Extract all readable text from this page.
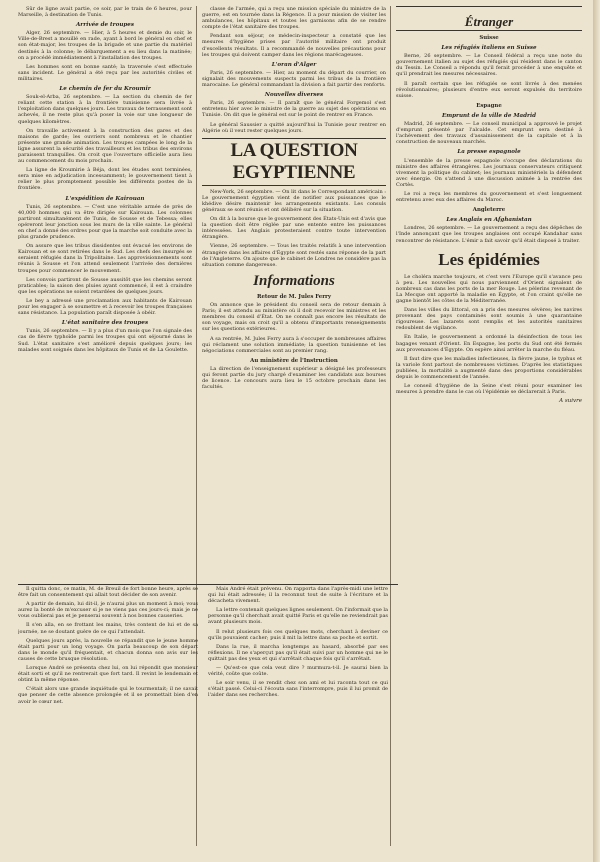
Sûr de ligne avait partie, ce soir, par le train de 6 heures, pour Marseille, à destination de Tunis.

Arrivée de troupes

Alger, 26 septembre. — Hier, à 5 heures et demie du soir, le Ville-de-Brest a mouillé en rade, ayant à bord le général en chef et son état-major, les troupes de la brigade et une partie du matériel destinés à la colonne; le débarquement a eu lieu dans la matinée; on a procédé immédiatement à l'installation des troupes.

Les hommes sont en bonne santé; la traversée s'est effectuée sans incident. Le général a été reçu par les autorités civiles et militaires.

Le chemin de fer du Kroumir

Souk-el-Arba, 26 septembre. — La section du chemin de fer reliant cette station à la frontière tunisienne sera livrée à l'exploitation dans quelques jours. Les travaux de terrassement sont achevés, il ne reste plus qu'à poser la voie sur une longueur de quelques kilomètres.

On travaille activement à la construction des gares et des maisons de garde; les ouvriers sont nombreux et le chantier présente une grande animation. Les troupes campées le long de la ligne assurent la sécurité des travailleurs et les tribus des environs paraissent tranquilles. On croit que l'ouverture officielle aura lieu au commencement du mois prochain.

La ligne de Kroumirie à Béja, dont les études sont terminées, sera mise en adjudication incessamment; le gouvernement tient à relier le plus promptement possible les différents postes de la frontière.

L'expédition de Kairouan

Tunis, 26 septembre. — C'est une véritable armée de près de 40,000 hommes qui va être dirigée sur Kairouan. Les colonnes partiront simultanément de Tunis, de Sousse et de Tebessa; elles opéreront leur jonction sous les murs de la ville sainte. Le général en chef a donné des ordres pour que la marche soit conduite avec la plus grande prudence.

On assure que les tribus dissidentes ont évacué les environs de Kairouan et se sont retirées dans le Sud. Les chefs des insurgés se seraient réfugiés dans la Tripolitaine. Les approvisionnements sont réunis à Sousse et l'on attend seulement l'arrivée des dernières troupes pour commencer le mouvement.

Les convois partiront de Sousse aussitôt que les chemins seront praticables; la saison des pluies ayant commencé, il est à craindre que les opérations ne soient retardées de quelques jours.

Le bey a adressé une proclamation aux habitants de Kairouan pour les engager à se soumettre et à recevoir les troupes françaises sans résistance. La population paraît disposée à obéir.

L'état sanitaire des troupes

Tunis, 26 septembre. — Il y a plus d'un mois que l'on signale des cas de fièvre typhoïde parmi les troupes qui ont séjourné dans le Sud. L'état sanitaire s'est amélioré depuis quelques jours; les malades sont soignés dans les hôpitaux de Tunis et de La Goulette.

classe de l'armée, qui a reçu une mission spéciale du ministre de la guerre, est en tournée dans la Régence. Il a pour mission de visiter les ambulances, les hôpitaux et toutes les garnisons afin de se rendre compte de l'état sanitaire des troupes.

Pendant son séjour, ce médecin-inspecteur a constaté que les mesures d'hygiène prises par l'autorité militaire ont produit d'excellents résultats. Il a recommandé de nouvelles précautions pour les troupes qui doivent camper dans les régions marécageuses.

L'oran d'Alger

Paris, 26 septembre. — Hier, au moment du départ du courrier, on signalait des mouvements suspects parmi les tribus de la frontière marocaine. Le général commandant la division a fait partir des renforts.

Nouvelles diverses

Paris, 26 septembre. — Il paraît que le général Forgemol s'est entretenu hier avec le ministre de la guerre au sujet des opérations en Tunisie. On dit que le général est sur le point de rentrer en France.

Le général Saussier a quitté aujourd'hui la Tunisie pour rentrer en Algérie où il veut rester quelques jours.

LA QUESTION EGYPTIENNE

New-York, 26 septembre. — On lit dans le Correspondant américain : Le gouvernement égyptien vient de notifier aux puissances que le khédive désire maintenir les arrangements existants. Les consuls généraux se sont réunis et ont délibéré sur la situation.

On dit à la bourse que le gouvernement des États-Unis est d'avis que la question doit être réglée par une entente entre les puissances intéressées. Les Anglais protesteraient contre toute intervention étrangère.

Vienne, 26 septembre. — Tous les traités relatifs à une intervention étrangère dans les affaires d'Égypte sont restés sans réponse de la part de l'Angleterre. On ajoute que le cabinet de Londres ne considère pas la situation comme dangereuse.

Informations
Retour de M. Jules Ferry

On annonce que le président du conseil sera de retour demain à Paris; il est attendu au ministère où il doit recevoir les ministres et les membres du conseil d'État. On ne connaît pas encore les résultats de son voyage, mais on croit qu'il a obtenu d'importants renseignements sur les questions extérieures.

A sa rentrée, M. Jules Ferry aura à s'occuper de nombreuses affaires qui réclament une solution immédiate; la question tunisienne et les négociations commerciales sont au premier rang.

Au ministère de l'Instruction

La direction de l'enseignement supérieur a désigné les professeurs qui feront partie du jury chargé d'examiner les candidats aux bourses de licence. Le concours aura lieu le 15 octobre prochain dans les facultés.

Étranger
Suisse
Les réfugiés italiens en Suisse

Berne, 26 septembre. — Le Conseil fédéral a reçu une note du gouvernement italien au sujet des réfugiés qui résident dans le canton du Tessin. Le Conseil a répondu qu'il ferait procéder à une enquête et qu'il prendrait les mesures nécessaires.

Il paraît certain que les réfugiés se sont livrés à des menées révolutionnaires; plusieurs d'entre eux seront expulsés du territoire suisse.

Espagne
Emprunt de la ville de Madrid

Madrid, 26 septembre. — Le conseil municipal a approuvé le projet d'emprunt présenté par l'alcalde. Cet emprunt sera destiné à l'achèvement des travaux d'assainissement de la capitale et à la construction de nouveaux marchés.

La presse espagnole

L'ensemble de la presse espagnole s'occupe des déclarations du ministre des affaires étrangères. Les journaux conservateurs critiquent vivement la politique du cabinet; les journaux ministériels la défendent avec énergie. On s'attend à une discussion animée à la rentrée des Cortès.

Le roi a reçu les membres du gouvernement et s'est longuement entretenu avec eux des affaires du Maroc.

Angleterre
Les Anglais en Afghanistan

Londres, 26 septembre. — Le gouvernement a reçu des dépêches de l'Inde annonçant que les troupes anglaises ont occupé Kandahar sans rencontrer de résistance. L'émir a fait savoir qu'il était disposé à traiter.

Les épidémies

Le choléra marche toujours, et c'est vers l'Europe qu'il s'avance peu à peu. Les nouvelles qui nous parviennent d'Orient signalent de nombreux cas dans les ports de la mer Rouge. Les pèlerins revenant de La Mecque ont apporté la maladie en Égypte, et l'on craint qu'elle ne gagne bientôt les côtes de la Méditerranée.

Dans les villes du littoral, on a pris des mesures sévères; les navires provenant des pays contaminés sont soumis à une quarantaine rigoureuse. Les lazarets sont remplis et les autorités sanitaires redoublent de vigilance.

En Italie, le gouvernement a ordonné la désinfection de tous les bagages venant d'Orient. En Espagne, les ports du Sud ont été fermés aux provenances d'Égypte. On espère ainsi arrêter la marche du fléau.

Il faut dire que les maladies infectieuses, la fièvre jaune, le typhus et la variole font partout de nombreuses victimes. D'après les statistiques publiées, la mortalité a augmenté dans des proportions considérables depuis le commencement de l'année.

Le conseil d'hygiène de la Seine s'est réuni pour examiner les mesures à prendre dans le cas où l'épidémie se déclarerait à Paris.

A suivre

Il quitta donc, ce matin, M. de Breuil de fort bonne heure, après se être fait un consentement qui allait tout décider de son avenir.

A partir de demain, lui dit-il, je n'aurai plus un moment à moi; vous aurez la bonté de m'excuser si je ne viens pas ces jours-ci; mais je ne vous oublierai pas et je penserai souvent à nos bonnes causeries.

Il s'en alla, en se frottant les mains, très content de lui et de sa journée, ne se doutant guère de ce qui l'attendait.

Quelques jours après, la nouvelle se répandit que le jeune homme était parti pour un long voyage. On parla beaucoup de son départ dans le monde qu'il fréquentait, et chacun donna son avis sur les causes de cette brusque résolution.

Lorsque André se présenta chez lui, on lui répondit que monsieur était sorti et qu'il ne rentrerait que fort tard. Il revint le lendemain et obtint la même réponse.

C'était alors une grande inquiétude qui le tourmentait; il ne savait que penser de cette absence prolongée et il se promettait bien d'en avoir le cœur net.

Mais André était prévenu. On rapporta dans l'après-midi une lettre qui lui était adressée; il la reconnut tout de suite à l'écriture et la décacheta vivement.

La lettre contenait quelques lignes seulement. On l'informait que la personne qu'il cherchait avait quitté Paris et qu'elle ne reviendrait pas avant plusieurs mois.

Il relut plusieurs fois ces quelques mots, cherchant à deviner ce qu'ils pouvaient cacher; puis il mit la lettre dans sa poche et sortit.

Dans la rue, il marcha longtemps au hasard, absorbé par ses réflexions. Il ne s'aperçut pas qu'il était suivi par un homme qui ne le quittait pas des yeux et qui s'arrêtait chaque fois qu'il s'arrêtait.

— Qu'est-ce que cela veut dire ? murmura-t-il. Je saurai bien la vérité, coûte que coûte.

Le soir venu, il se rendit chez son ami et lui raconta tout ce qui s'était passé. Celui-ci l'écouta sans l'interrompre, puis il lui promit de l'aider dans ses recherches.
